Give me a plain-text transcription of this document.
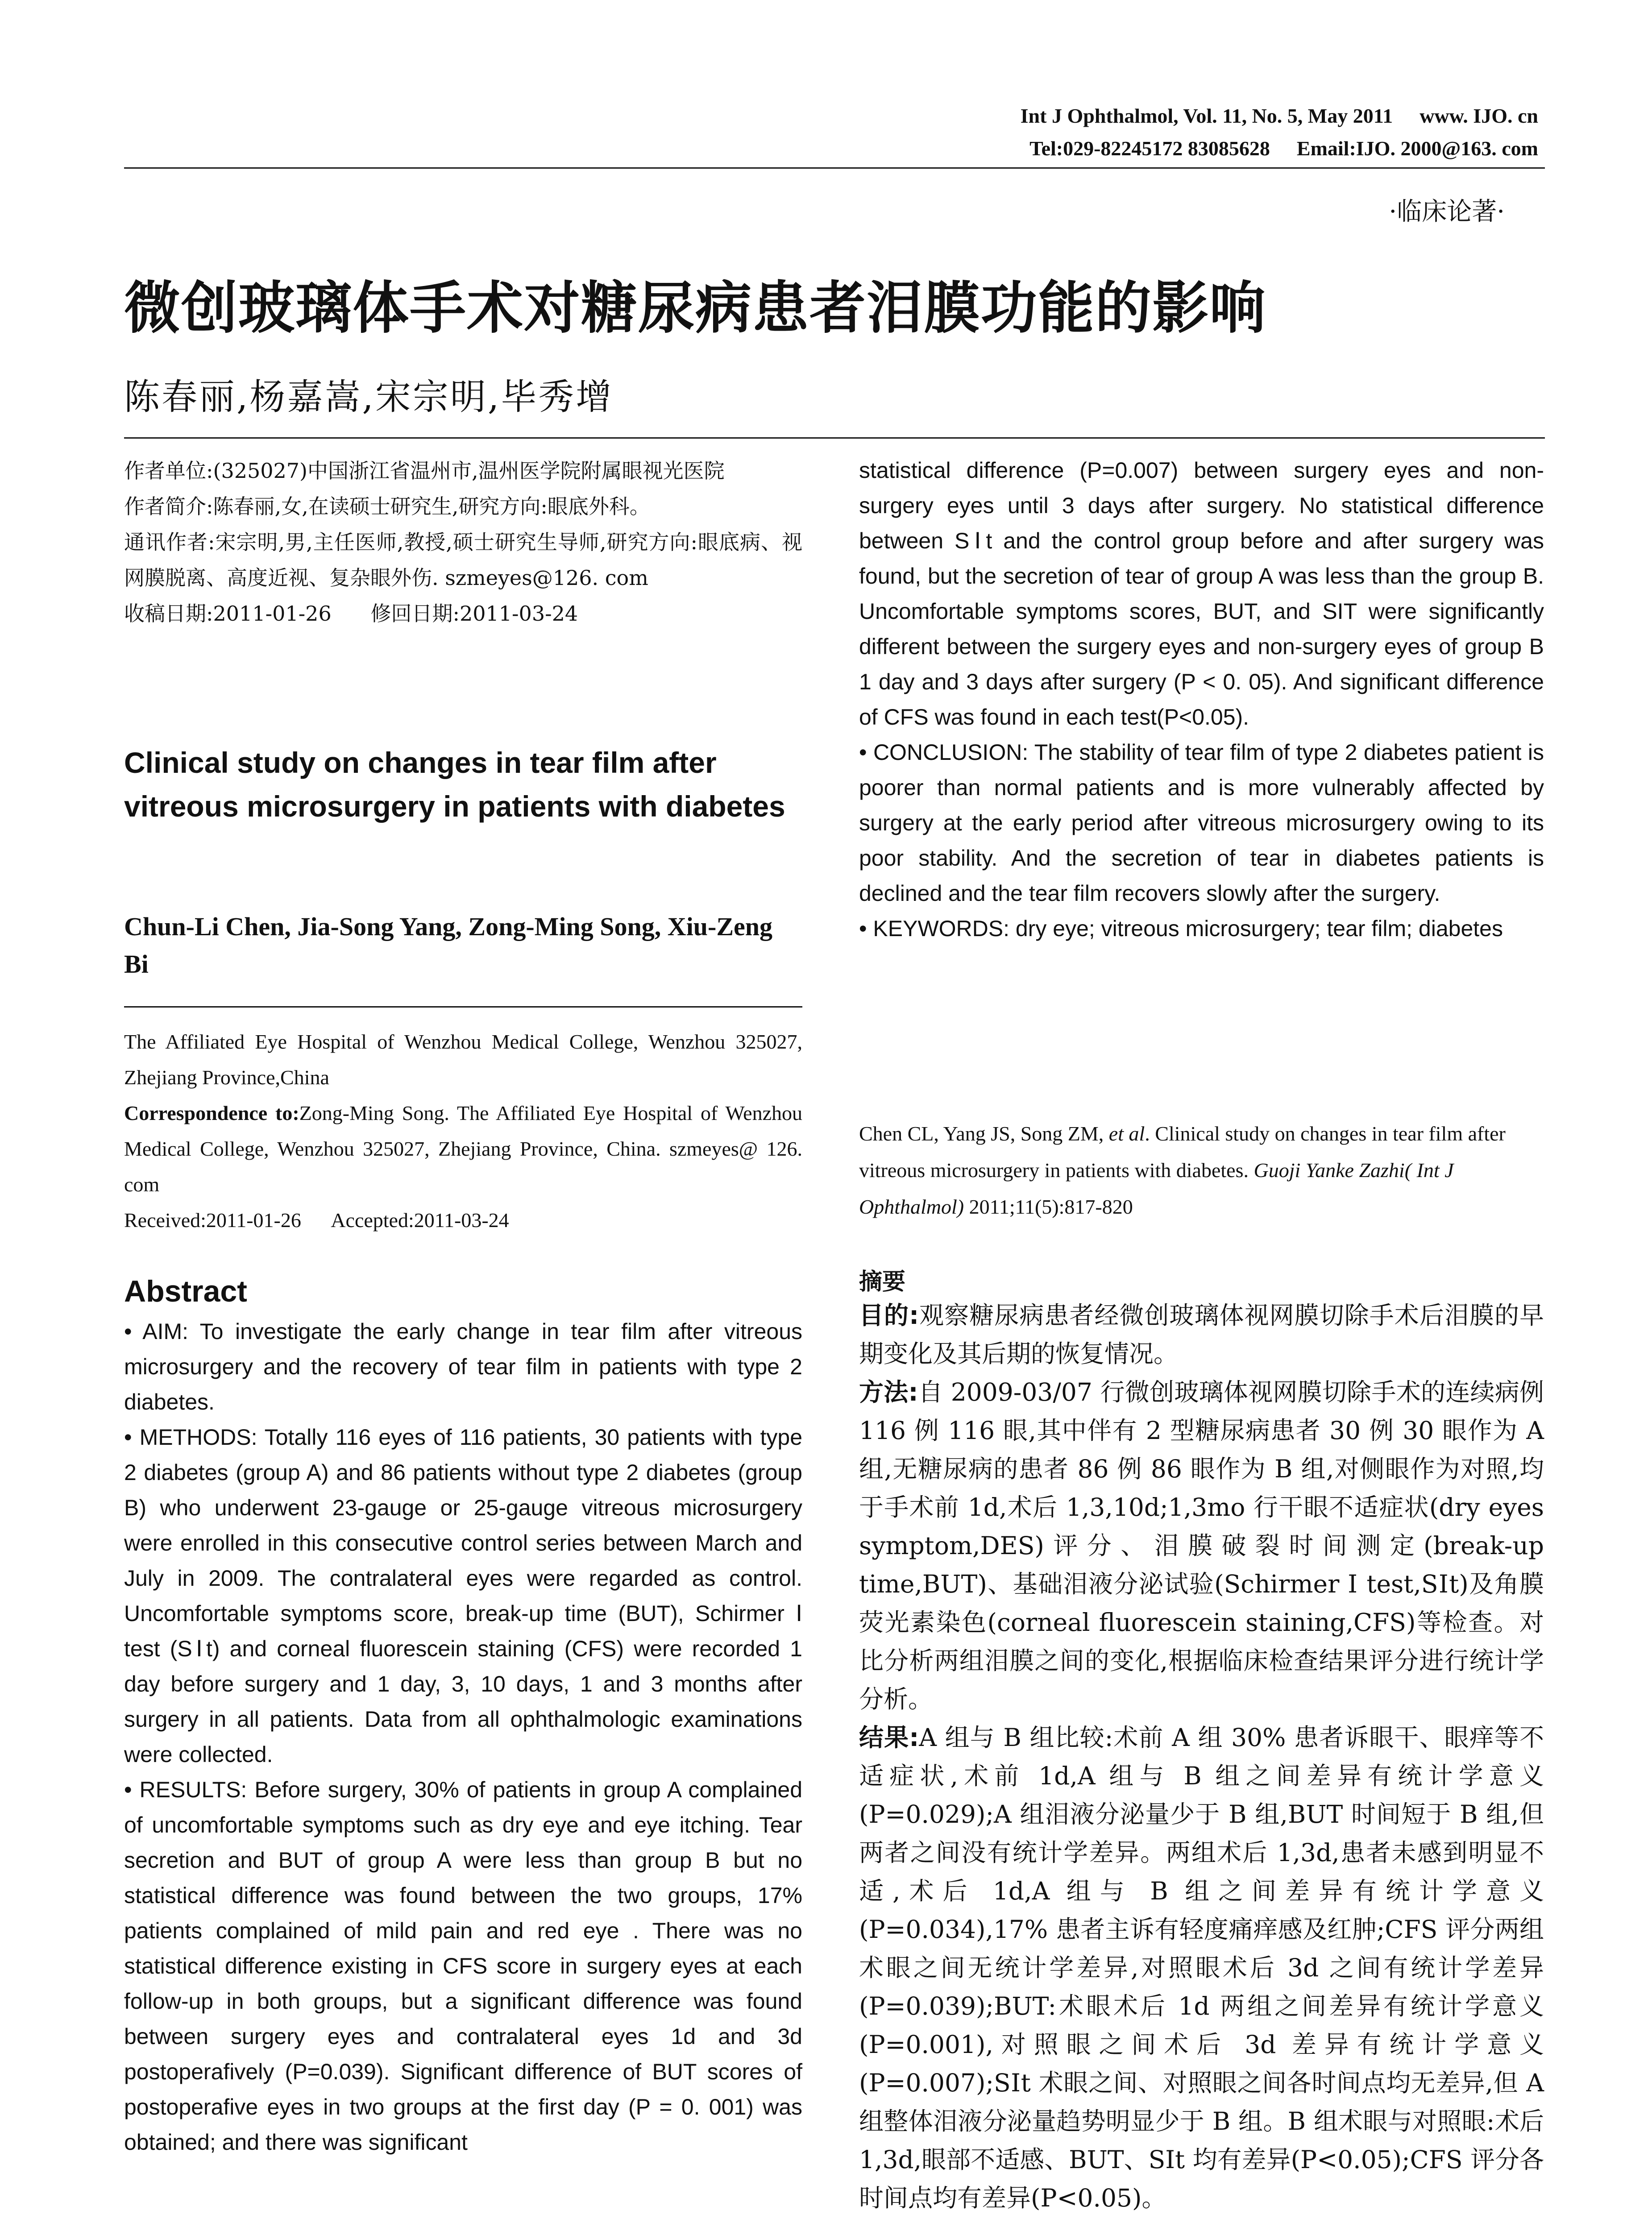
Int J Ophthalmol, Vol. 11, No. 5, May 2011 www. IJO. cn
Tel:029-82245172 83085628 Email:IJO. 2000@163. com
·临床论著·
微创玻璃体手术对糖尿病患者泪膜功能的影响
陈春丽,杨嘉嵩,宋宗明,毕秀增

作者单位:(325027)中国浙江省温州市,温州医学院附属眼视光医院

作者简介:陈春丽,女,在读硕士研究生,研究方向:眼底外科。

通讯作者:宋宗明,男,主任医师,教授,硕士研究生导师,研究方向:眼底病、视网膜脱离、高度近视、复杂眼外伤. szmeyes@126. com

收稿日期:2011-01-26      修回日期:2011-03-24

Clinical study on changes in tear film after vitreous microsurgery in patients with diabetes
Chun-Li Chen, Jia-Song Yang, Zong-Ming Song, Xiu-Zeng Bi

The Affiliated Eye Hospital of Wenzhou Medical College, Wenzhou 325027, Zhejiang Province,China

Correspondence to:Zong-Ming Song. The Affiliated Eye Hospital of Wenzhou Medical College, Wenzhou 325027, Zhejiang Province, China. szmeyes@ 126. com

Received:2011-01-26      Accepted:2011-03-24

Abstract

• AIM: To investigate the early change in tear film after vitreous microsurgery and the recovery of tear film in patients with type 2 diabetes.

• METHODS: Totally 116 eyes of 116 patients, 30 patients with type 2 diabetes (group A) and 86 patients without type 2 diabetes (group B) who underwent 23-gauge or 25-gauge vitreous microsurgery were enrolled in this consecutive control series between March and July in 2009. The contralateral eyes were regarded as control. Uncomfortable symptoms score, break-up time (BUT), Schirmer Ⅰ test (SⅠt) and corneal fluorescein staining (CFS) were recorded 1 day before surgery and 1 day, 3, 10 days, 1 and 3 months after surgery in all patients. Data from all ophthalmologic examinations were collected.

• RESULTS: Before surgery, 30% of patients in group A complained of uncomfortable symptoms such as dry eye and eye itching. Tear secretion and BUT of group A were less than group B but no statistical difference was found between the two groups, 17% patients complained of mild pain and red eye . There was no statistical difference existing in CFS score in surgery eyes at each follow-up in both groups, but a significant difference was found between surgery eyes and contralateral eyes 1d and 3d postoperafively (P=0.039). Significant difference of BUT scores of postoperafive eyes in two groups at the first day (P = 0. 001) was obtained; and there was significant

statistical difference (P=0.007) between surgery eyes and non-surgery eyes until 3 days after surgery. No statistical difference between SⅠt and the control group before and after surgery was found, but the secretion of tear of group A was less than the group B. Uncomfortable symptoms scores, BUT, and SIT were significantly different between the surgery eyes and non-surgery eyes of group B 1 day and 3 days after surgery (P < 0. 05). And significant difference of CFS was found in each test(P<0.05).

• CONCLUSION: The stability of tear film of type 2 diabetes patient is poorer than normal patients and is more vulnerably affected by surgery at the early period after vitreous microsurgery owing to its poor stability. And the secretion of tear in diabetes patients is declined and the tear film recovers slowly after the surgery.

• KEYWORDS: dry eye; vitreous microsurgery; tear film; diabetes

Chen CL, Yang JS, Song ZM, et al. Clinical study on changes in tear film after vitreous microsurgery in patients with diabetes. Guoji Yanke Zazhi( Int J Ophthalmol) 2011;11(5):817-820

摘要

目的:观察糖尿病患者经微创玻璃体视网膜切除手术后泪膜的早期变化及其后期的恢复情况。

方法:自 2009-03/07 行微创玻璃体视网膜切除手术的连续病例 116 例 116 眼,其中伴有 2 型糖尿病患者 30 例 30 眼作为 A 组,无糖尿病的患者 86 例 86 眼作为 B 组,对侧眼作为对照,均于手术前 1d,术后 1,3,10d;1,3mo 行干眼不适症状(dry eyes symptom,DES)评分、泪膜破裂时间测定(break-up time,BUT)、基础泪液分泌试验(Schirmer Ⅰ test,SⅠt)及角膜荧光素染色(corneal fluorescein staining,CFS)等检查。对比分析两组泪膜之间的变化,根据临床检查结果评分进行统计学分析。

结果:A 组与 B 组比较:术前 A 组 30% 患者诉眼干、眼痒等不适症状,术前 1d,A 组与 B 组之间差异有统计学意义(P=0.029);A 组泪液分泌量少于 B 组,BUT 时间短于 B 组,但两者之间没有统计学差异。两组术后 1,3d,患者未感到明显不适,术后 1d,A 组与 B 组之间差异有统计学意义(P=0.034),17% 患者主诉有轻度痛痒感及红肿;CFS 评分两组术眼之间无统计学差异,对照眼术后 3d 之间有统计学差异(P=0.039);BUT:术眼术后 1d 两组之间差异有统计学意义(P=0.001),对照眼之间术后 3d 差异有统计学意义(P=0.007);SⅠt 术眼之间、对照眼之间各时间点均无差异,但 A 组整体泪液分泌量趋势明显少于 B 组。B 组术眼与对照眼:术后 1,3d,眼部不适感、BUT、SⅠt 均有差异(P<0.05);CFS 评分各时间点均有差异(P<0.05)。
